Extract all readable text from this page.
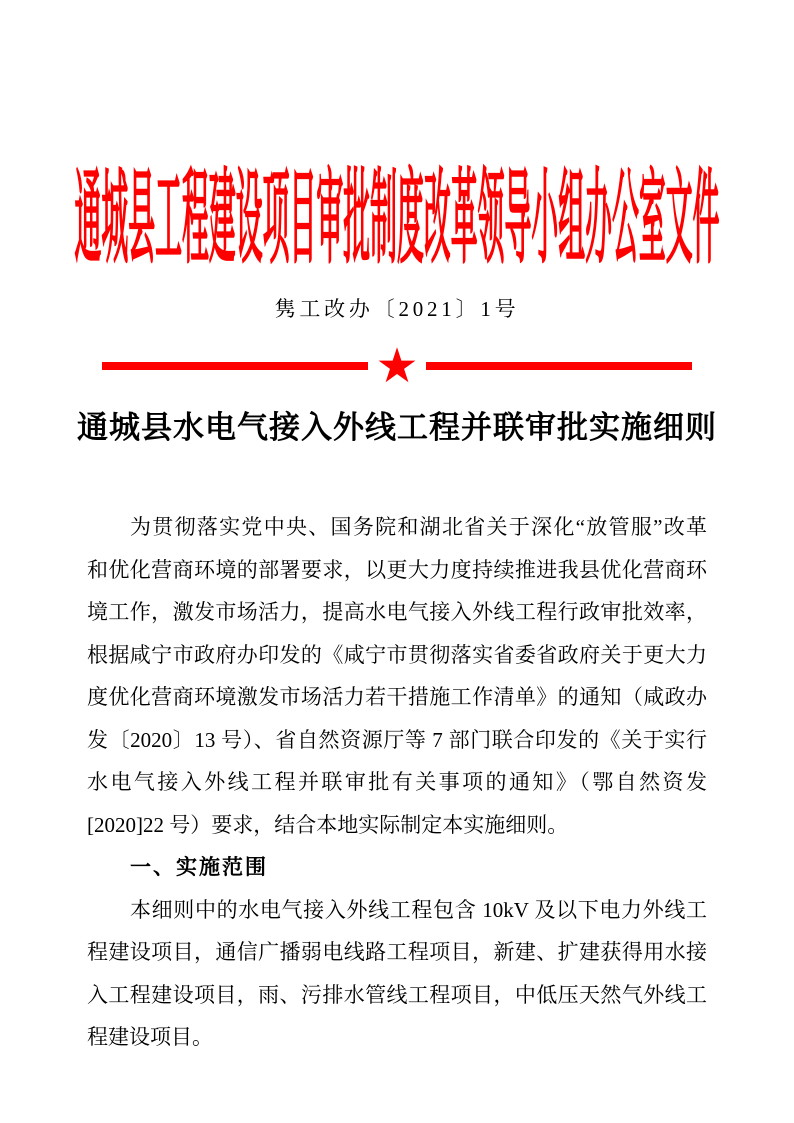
通城县工程建设项目审批制度改革领导小组办公室文件
隽工改办〔2021〕1号
★
通城县水电气接入外线工程并联审批实施细则
为贯彻落实党中央、国务院和湖北省关于深化“放管服”改革
和优化营商环境的部署要求，以更大力度持续推进我县优化营商环
境工作，激发市场活力，提高水电气接入外线工程行政审批效率，
根据咸宁市政府办印发的《咸宁市贯彻落实省委省政府关于更大力
度优化营商环境激发市场活力若干措施工作清单》的通知（咸政办
发〔2020〕13 号）、省自然资源厅等 7 部门联合印发的《关于实行
水电气接入外线工程并联审批有关事项的通知》（鄂自然资发
[2020]22 号）要求，结合本地实际制定本实施细则。
一、实施范围
本细则中的水电气接入外线工程包含 10kV 及以下电力外线工
程建设项目，通信广播弱电线路工程项目，新建、扩建获得用水接
入工程建设项目，雨、污排水管线工程项目，中低压天然气外线工
程建设项目。
